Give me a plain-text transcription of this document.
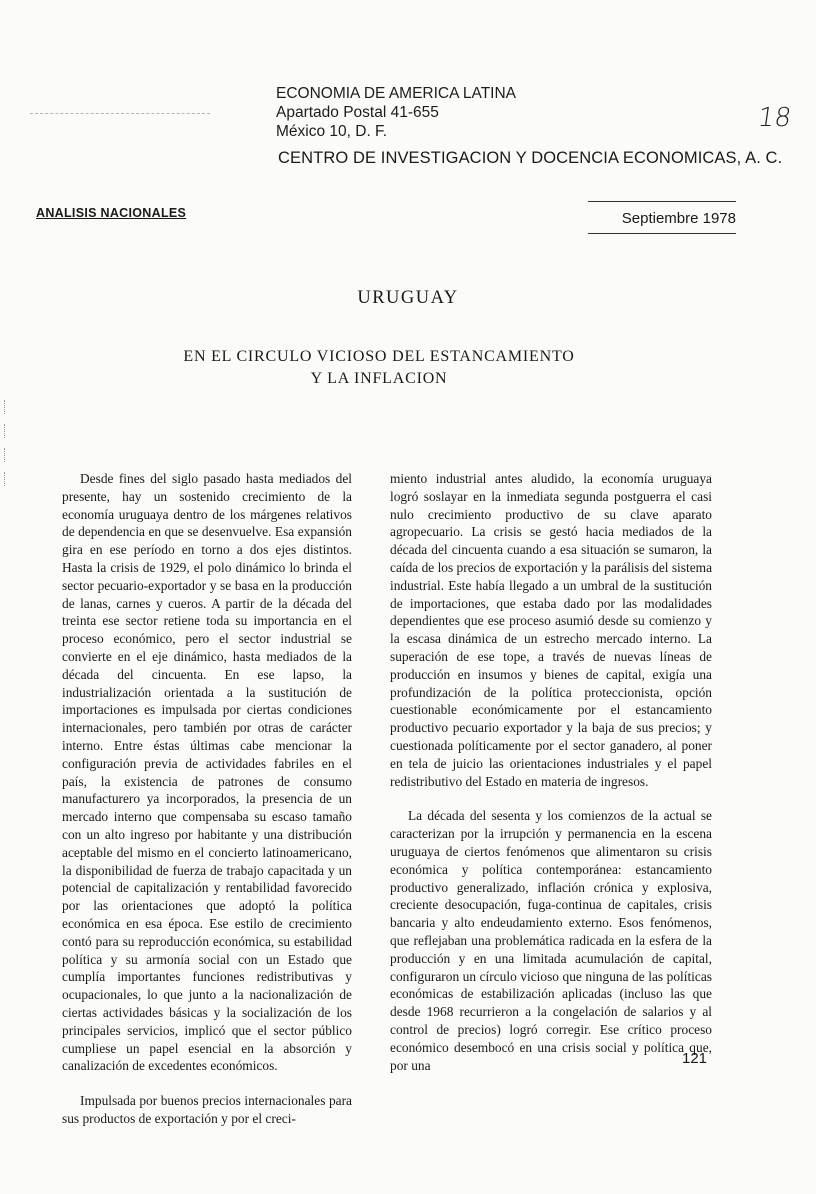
ECONOMIA DE AMERICA LATINA
Apartado Postal 41-655
México 10, D. F.	18
CENTRO DE INVESTIGACION Y DOCENCIA ECONOMICAS, A. C.
ANALISIS NACIONALES	Septiembre 1978
URUGUAY
EN EL CIRCULO VICIOSO DEL ESTANCAMIENTO
Y LA INFLACION

Desde fines del siglo pasado hasta mediados del presente, hay un sostenido crecimiento de la economía uruguaya dentro de los márgenes relativos de dependencia en que se desenvuelve. Esa expansión gira en ese período en torno a dos ejes distintos. Hasta la crisis de 1929, el polo dinámico lo brinda el sector pecuario-exportador y se basa en la producción de lanas, carnes y cueros. A partir de la década del treinta ese sector retiene toda su importancia en el proceso económico, pero el sector industrial se convierte en el eje dinámico, hasta mediados de la década del cincuenta. En ese lapso, la industrialización orientada a la sustitución de importaciones es impulsada por ciertas condiciones internacionales, pero también por otras de carácter interno. Entre éstas últimas cabe mencionar la configuración previa de actividades fabriles en el país, la existencia de patrones de consumo manufacturero ya incorporados, la presencia de un mercado interno que compensaba su escaso tamaño con un alto ingreso por habitante y una distribución aceptable del mismo en el concierto latinoamericano, la disponibilidad de fuerza de trabajo capacitada y un potencial de capitalización y rentabilidad favorecido por las orientaciones que adoptó la política económica en esa época. Ese estilo de crecimiento contó para su reproducción económica, su estabilidad política y su armonía social con un Estado que cumplía importantes funciones redistributivas y ocupacionales, lo que junto a la nacionalización de ciertas actividades básicas y la socialización de los principales servicios, implicó que el sector público cumpliese un papel esencial en la absorción y canalización de excedentes económicos.

Impulsada por buenos precios internacionales para sus productos de exportación y por el creci-

miento industrial antes aludido, la economía uruguaya logró soslayar en la inmediata segunda postguerra el casi nulo crecimiento productivo de su clave aparato agropecuario. La crisis se gestó hacia mediados de la década del cincuenta cuando a esa situación se sumaron, la caída de los precios de exportación y la parálisis del sistema industrial. Este había llegado a un umbral de la sustitución de importaciones, que estaba dado por las modalidades dependientes que ese proceso asumió desde su comienzo y la escasa dinámica de un estrecho mercado interno. La superación de ese tope, a través de nuevas líneas de producción en insumos y bienes de capital, exigía una profundización de la política proteccionista, opción cuestionable económicamente por el estancamiento productivo pecuario exportador y la baja de sus precios; y cuestionada políticamente por el sector ganadero, al poner en tela de juicio las orientaciones industriales y el papel redistributivo del Estado en materia de ingresos.

La década del sesenta y los comienzos de la actual se caracterizan por la irrupción y permanencia en la escena uruguaya de ciertos fenómenos que alimentaron su crisis económica y política contemporánea: estancamiento productivo generalizado, inflación crónica y explosiva, creciente desocupación, fuga-continua de capitales, crisis bancaria y alto endeudamiento externo. Esos fenómenos, que reflejaban una problemática radicada en la esfera de la producción y en una limitada acumulación de capital, configuraron un círculo vicioso que ninguna de las políticas económicas de estabilización aplicadas (incluso las que desde 1968 recurrieron a la congelación de salarios y al control de precios) logró corregir. Ese crítico proceso económico desembocó en una crisis social y política que, por una	121
